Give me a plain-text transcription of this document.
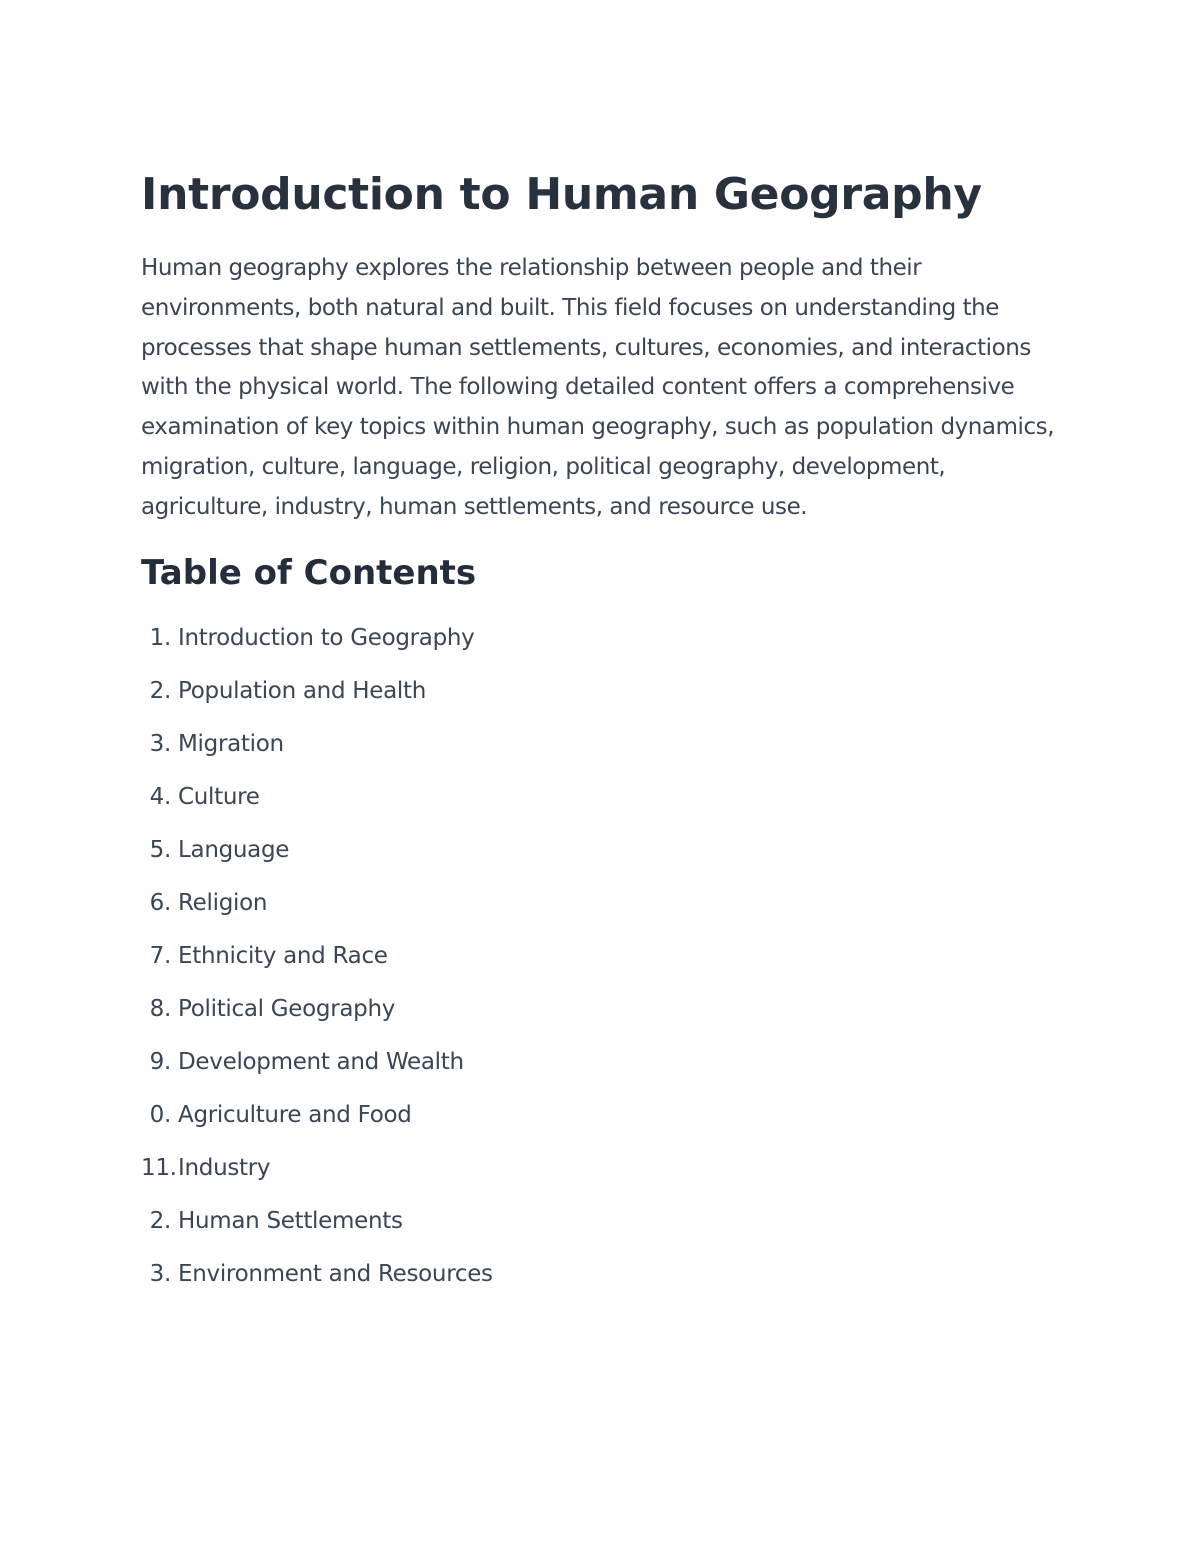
Introduction to Human Geography

Human geography explores the relationship between people and their environments, both natural and built. This field focuses on understanding the processes that shape human settlements, cultures, economies, and interactions with the physical world. The following detailed content offers a comprehensive examination of key topics within human geography, such as population dynamics, migration, culture, language, religion, political geography, development, agriculture, industry, human settlements, and resource use.

Table of Contents
1. Introduction to Geography
2. Population and Health
3. Migration
4. Culture
5. Language
6. Religion
7. Ethnicity and Race
8. Political Geography
9. Development and Wealth
0. Agriculture and Food
11. Industry
2. Human Settlements
3. Environment and Resources
